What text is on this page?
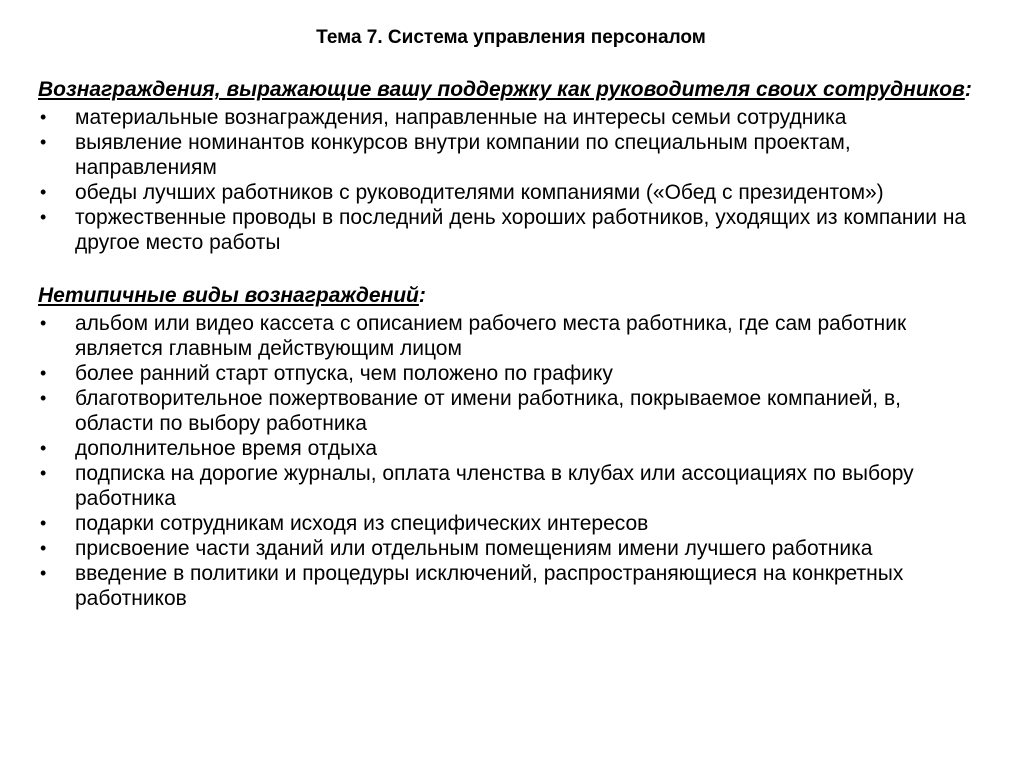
Тема 7. Система управления персоналом
Вознаграждения, выражающие вашу поддержку как руководителя своих сотрудников:
• материальные вознаграждения, направленные на интересы семьи сотрудника
• выявление номинантов конкурсов внутри компании по специальным проектам, направлениям
• обеды лучших работников с руководителями компаниями («Обед с президентом»)
• торжественные проводы в последний день хороших работников, уходящих из компании на другое место работы
Нетипичные виды вознаграждений:
• альбом или видео кассета с описанием рабочего места работника, где сам работник является главным действующим лицом
• более ранний старт отпуска, чем положено по графику
• благотворительное пожертвование от имени работника, покрываемое компанией, в, области по выбору работника
• дополнительное время отдыха
• подписка на дорогие журналы, оплата членства в клубах или ассоциациях по выбору работника
• подарки сотрудникам исходя из специфических интересов
• присвоение части зданий или отдельным помещениям имени лучшего работника
• введение в политики и процедуры исключений, распространяющиеся на конкретных работников
